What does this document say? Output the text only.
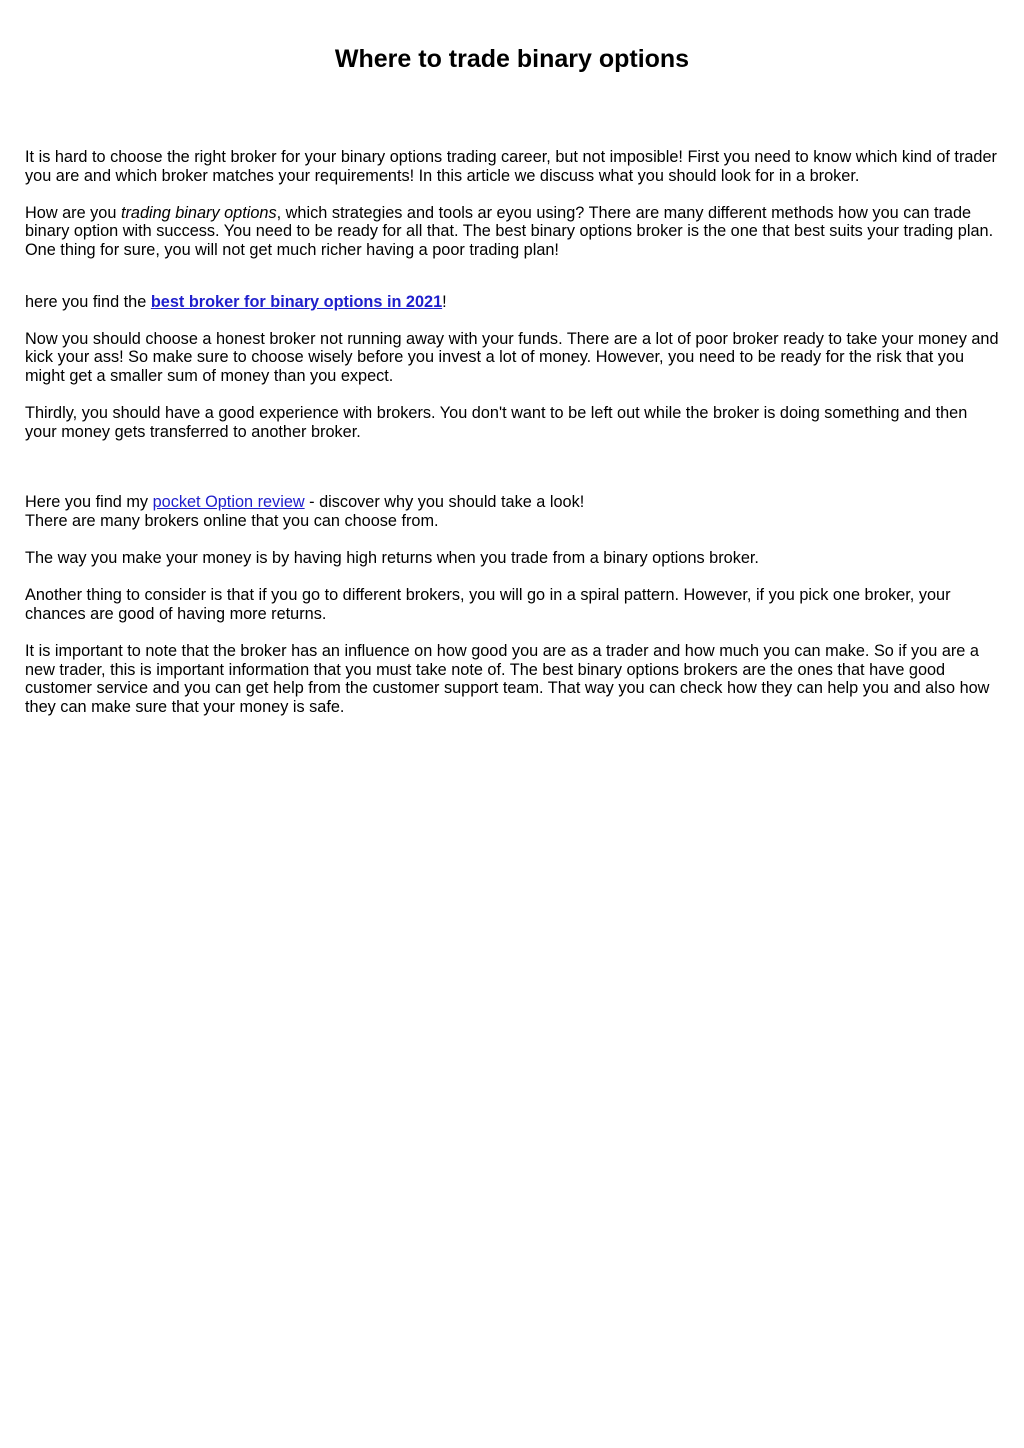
Where to trade binary options

It is hard to choose the right broker for your binary options trading career, but not imposible! First you need to know which kind of trader you are and which broker matches your requirements! In this article we discuss what you should look for in a broker.

How are you trading binary options, which strategies and tools ar eyou using? There are many different methods how you can trade binary option with success. You need to be ready for all that. The best binary options broker is the one that best suits your trading plan. One thing for sure, you will not get much richer having a poor trading plan!

here you find the best broker for binary options in 2021!

Now you should choose a honest broker not running away with your funds. There are a lot of poor broker ready to take your money and kick your ass! So make sure to choose wisely before you invest a lot of money. However, you need to be ready for the risk that you might get a smaller sum of money than you expect.

Thirdly, you should have a good experience with brokers. You don't want to be left out while the broker is doing something and then your money gets transferred to another broker.

Here you find my pocket Option review - discover why you should take a look!
There are many brokers online that you can choose from.

The way you make your money is by having high returns when you trade from a binary options broker.

Another thing to consider is that if you go to different brokers, you will go in a spiral pattern. However, if you pick one broker, your chances are good of having more returns.

It is important to note that the broker has an influence on how good you are as a trader and how much you can make. So if you are a new trader, this is important information that you must take note of. The best binary options brokers are the ones that have good customer service and you can get help from the customer support team. That way you can check how they can help you and also how they can make sure that your money is safe.
